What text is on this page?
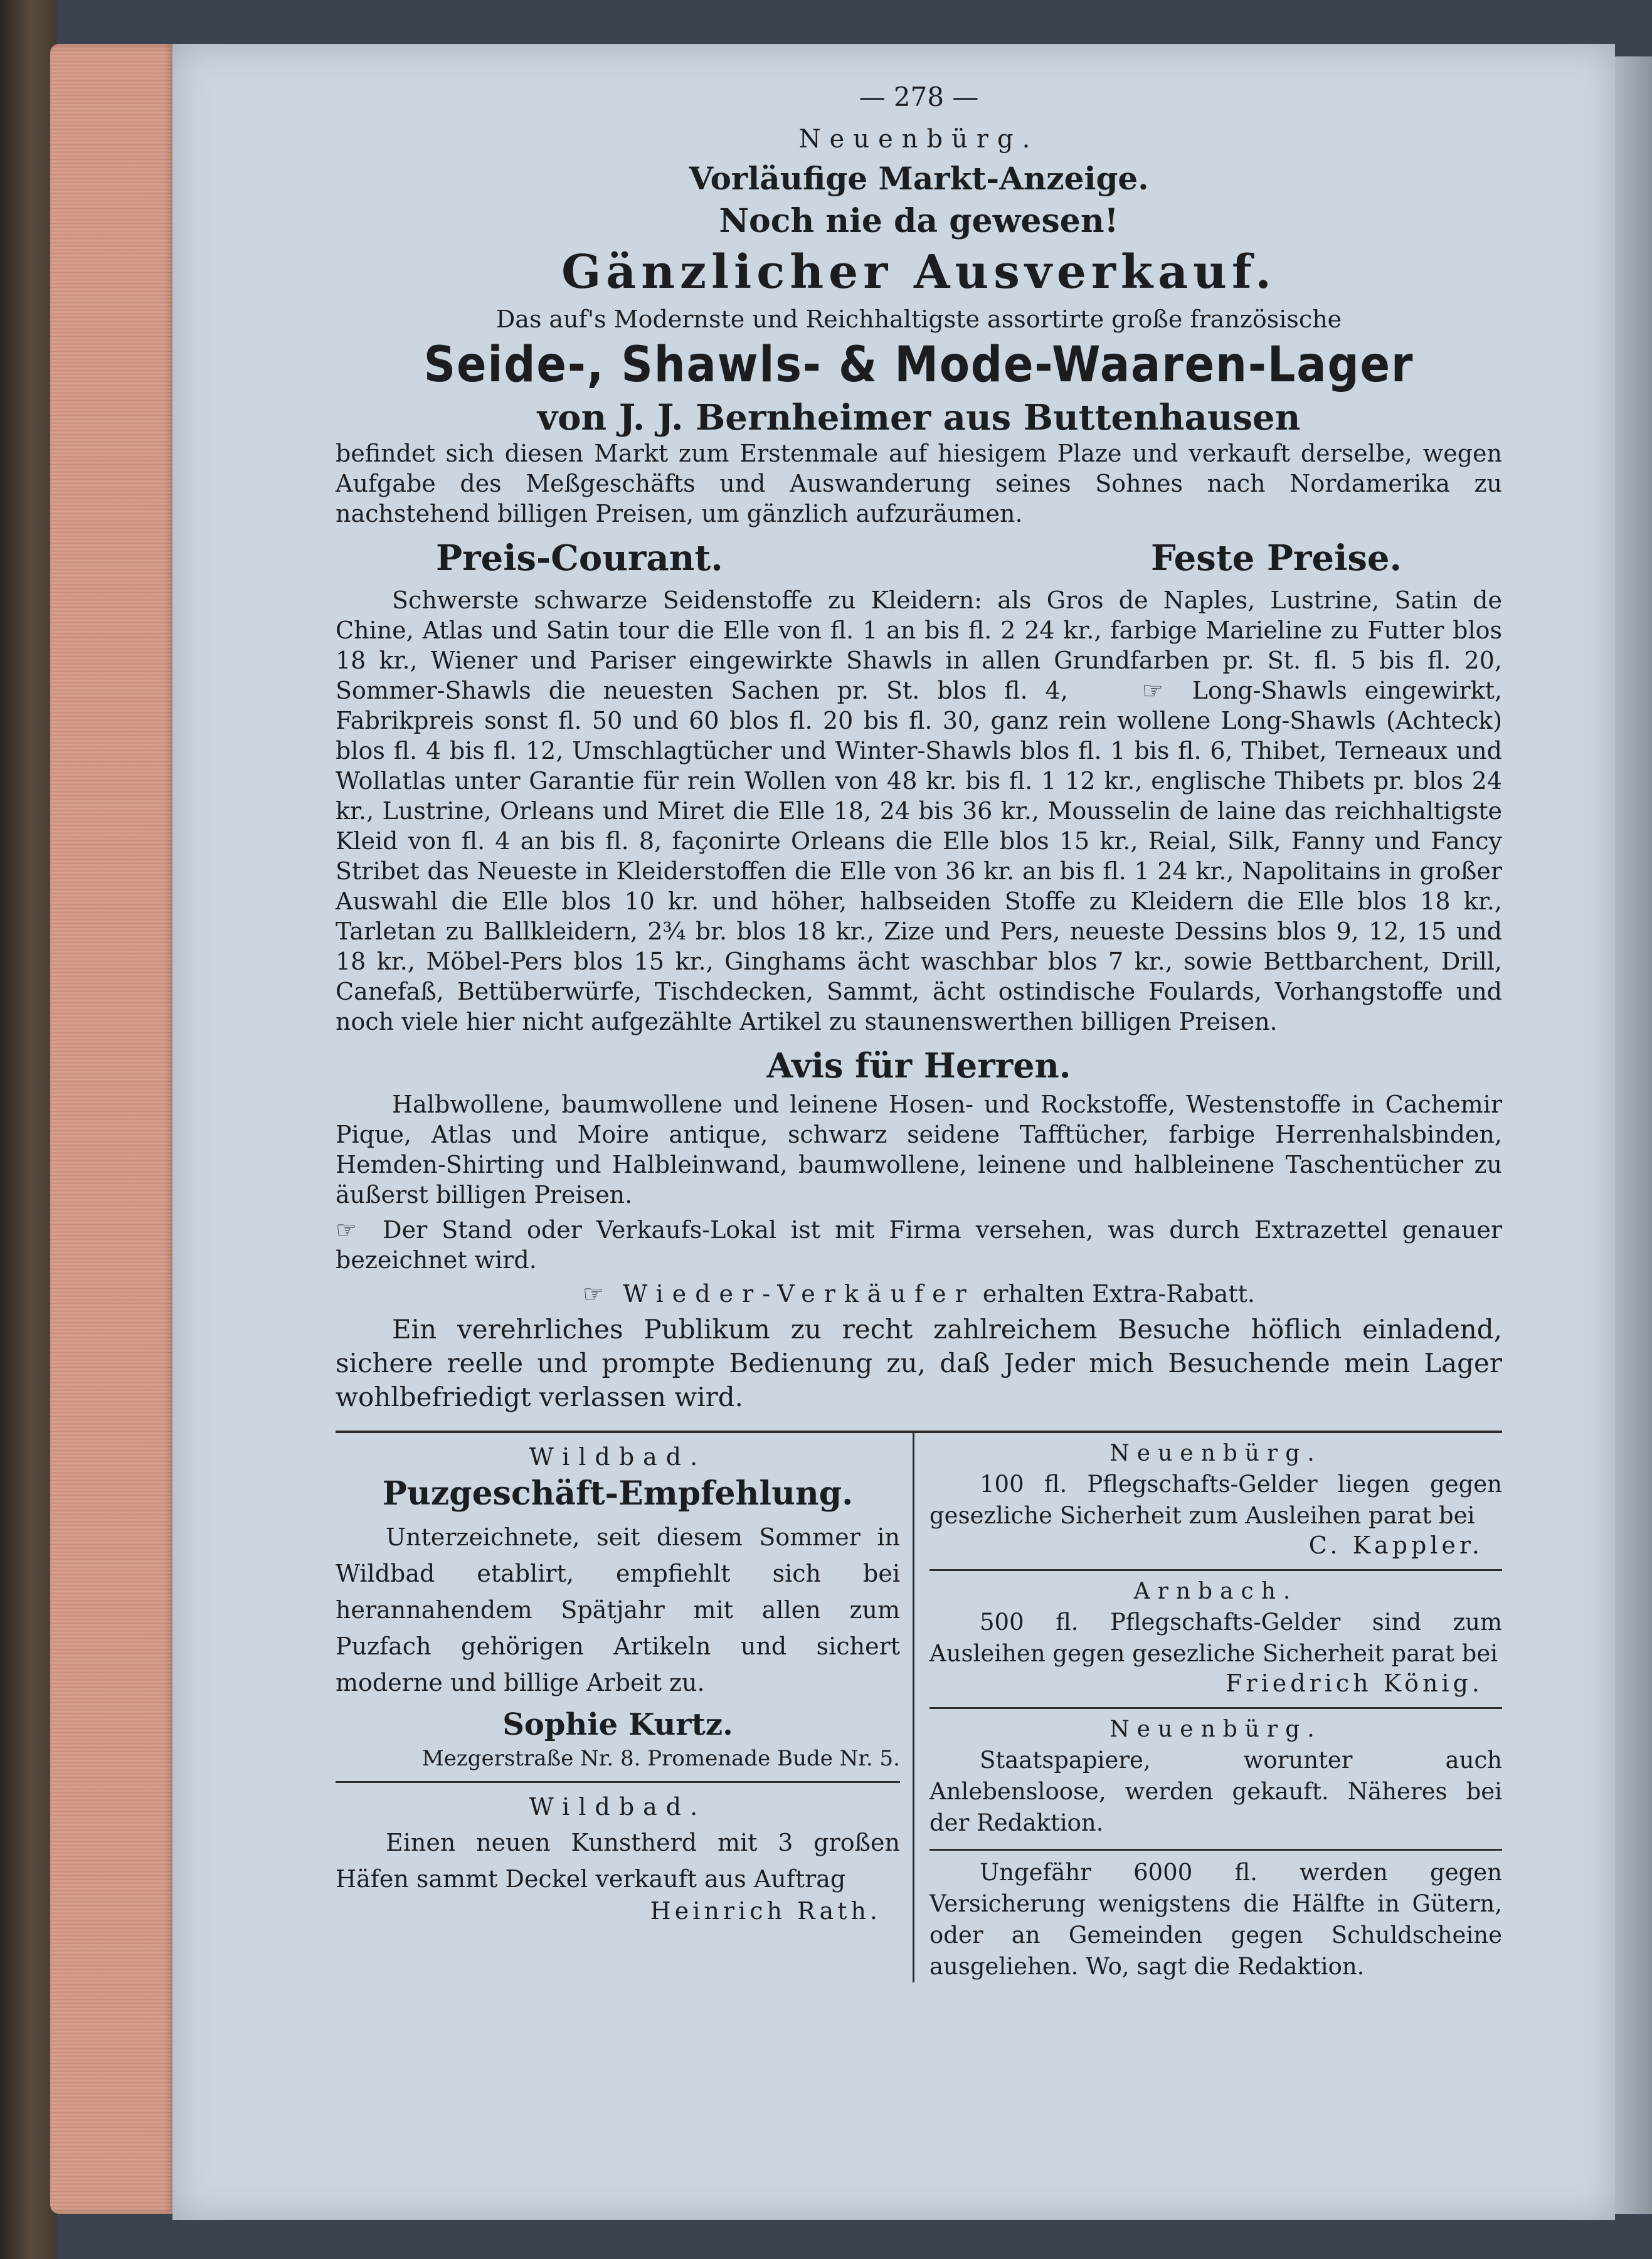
— 278 —
Neuenbürg.
Vorläufige Markt-Anzeige.
Noch nie da gewesen!
Gänzlicher Ausverkauf.
Das auf's Modernste und Reichhaltigste assortirte große französische
Seide-, Shawls- & Mode-Waaren-Lager
von J. J. Bernheimer aus Buttenhausen
befindet sich diesen Markt zum Erstenmale auf hiesigem Plaze und verkauft derselbe, wegen Aufgabe des Meßgeschäfts und Auswanderung seines Sohnes nach Nordamerika zu nachstehend billigen Preisen, um gänzlich aufzuräumen.
Preis-Courant.	Feste Preise.
Schwerste schwarze Seidenstoffe zu Kleidern: als Gros de Naples, Lustrine, Satin de Chine, Atlas und Satin tour die Elle von fl. 1 an bis fl. 2 24 kr., farbige Marieline zu Futter blos 18 kr., Wiener und Pariser eingewirkte Shawls in allen Grundfarben pr. St. fl. 5 bis fl. 20, Sommer-Shawls die neuesten Sachen pr. St. blos fl. 4,	☞ Long-Shawls eingewirkt, Fabrikpreis sonst fl. 50 und 60 blos fl. 20 bis fl. 30, ganz rein wollene Long-Shawls (Achteck) blos fl. 4 bis fl. 12, Umschlagtücher und Winter-Shawls blos fl. 1 bis fl. 6, Thibet, Terneaux und Wollatlas unter Garantie für rein Wollen von 48 kr. bis fl. 1 12 kr., englische Thibets pr. blos 24 kr., Lustrine, Orleans und Miret die Elle 18, 24 bis 36 kr., Mousselin de laine das reichhaltigste Kleid von fl. 4 an bis fl. 8, façonirte Orleans die Elle blos 15 kr., Reial, Silk, Fanny und Fancy Stribet das Neueste in Kleiderstoffen die Elle von 36 kr. an bis fl. 1 24 kr., Napolitains in großer Auswahl die Elle blos 10 kr. und höher, halbseiden Stoffe zu Kleidern die Elle blos 18 kr., Tarletan zu Ballkleidern, 2¾ br. blos 18 kr., Zize und Pers, neueste Dessins blos 9, 12, 15 und 18 kr., Möbel-Pers blos 15 kr., Ginghams ächt waschbar blos 7 kr., sowie Bettbarchent, Drill, Canefaß, Bettüberwürfe, Tischdecken, Sammt, ächt ostindische Foulards, Vorhangstoffe und noch viele hier nicht aufgezählte Artikel zu staunenswerthen billigen Preisen.
Avis für Herren.
Halbwollene, baumwollene und leinene Hosen- und Rockstoffe, Westenstoffe in Cachemir Pique, Atlas und Moire antique, schwarz seidene Tafftücher, farbige Herrenhalsbinden, Hemden-Shirting und Halbleinwand, baumwollene, leinene und halbleinene Taschentücher zu äußerst billigen Preisen.
☞ Der Stand oder Verkaufs-Lokal ist mit Firma versehen, was durch Extrazettel genauer bezeichnet wird.
☞ Wieder-Verkäufer erhalten Extra-Rabatt.
Ein verehrliches Publikum zu recht zahlreichem Besuche höflich einladend, sichere reelle und prompte Bedienung zu, daß Jeder mich Besuchende mein Lager wohlbefriedigt verlassen wird.
Wildbad.
Puzgeschäft-Empfehlung.
Unterzeichnete, seit diesem Sommer in Wildbad etablirt, empfiehlt sich bei herannahendem Spätjahr mit allen zum Puzfach gehörigen Artikeln und sichert moderne und billige Arbeit zu.
Sophie Kurtz.
Mezgerstraße Nr. 8. Promenade Bude Nr. 5.
Wildbad.
Einen neuen Kunstherd mit 3 großen Häfen sammt Deckel verkauft aus Auftrag
Heinrich Rath.
Neuenbürg.
100 fl. Pflegschafts-Gelder liegen gegen gesezliche Sicherheit zum Ausleihen parat bei
C. Kappler.
Arnbach.
500 fl. Pflegschafts-Gelder sind zum Ausleihen gegen gesezliche Sicherheit parat bei
Friedrich König.
Neuenbürg.
Staatspapiere, worunter auch Anlebensloose, werden gekauft. Näheres bei der Redaktion.
Ungefähr 6000 fl. werden gegen Versicherung wenigstens die Hälfte in Gütern, oder an Gemeinden gegen Schuldscheine ausgeliehen. Wo, sagt die Redaktion.
